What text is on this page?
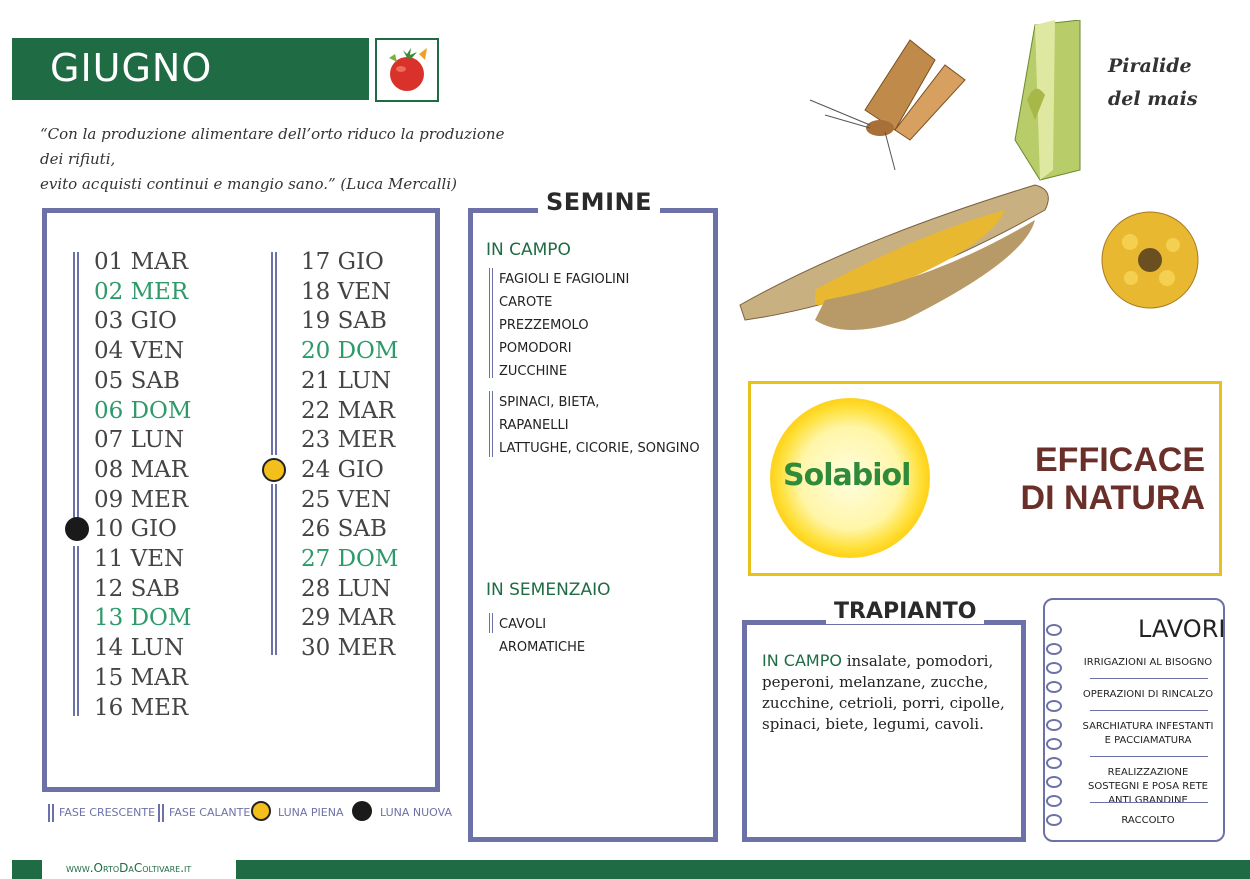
GIUGNO
“Con la produzione alimentare dell’orto riduco la produzione dei rifiuti,
evito acquisti continui e mangio sano.” (Luca Mercalli)
01 MAR
02 MER
03 GIO
04 VEN
05 SAB
06 DOM
07 LUN
08 MAR
09 MER
10 GIO
11 VEN
12 SAB
13 DOM
14 LUN
15 MAR
16 MER
17 GIO
18 VEN
19 SAB
20 DOM
21 LUN
22 MAR
23 MER
24 GIO
25 VEN
26 SAB
27 DOM
28 LUN
29 MAR
30 MER
FASE CRESCENTE FASE CALANTE	LUNA PIENA	LUNA NUOVA
SEMINE
IN CAMPO
FAGIOLI E FAGIOLINI
CAROTE
PREZZEMOLO
POMODORI
ZUCCHINE
SPINACI, BIETA,
RAPANELLI
LATTUGHE, CICORIE, SONGINO
IN SEMENZAIO
CAVOLI
AROMATICHE
Piralide
del mais
Solabiol	EFFICACE
DI NATURA
TRAPIANTO
IN CAMPO insalate, pomodori, peperoni, melanzane, zucche, zucchine, cetrioli, porri, cipolle, spinaci, biete, legumi, cavoli.
LAVORI
IRRIGAZIONI AL BISOGNO
OPERAZIONI DI RINCALZO
SARCHIATURA INFESTANTI E PACCIAMATURA
REALIZZAZIONE SOSTEGNI E POSA RETE ANTI GRANDINE
RACCOLTO
www.OrtoDaColtivare.it
